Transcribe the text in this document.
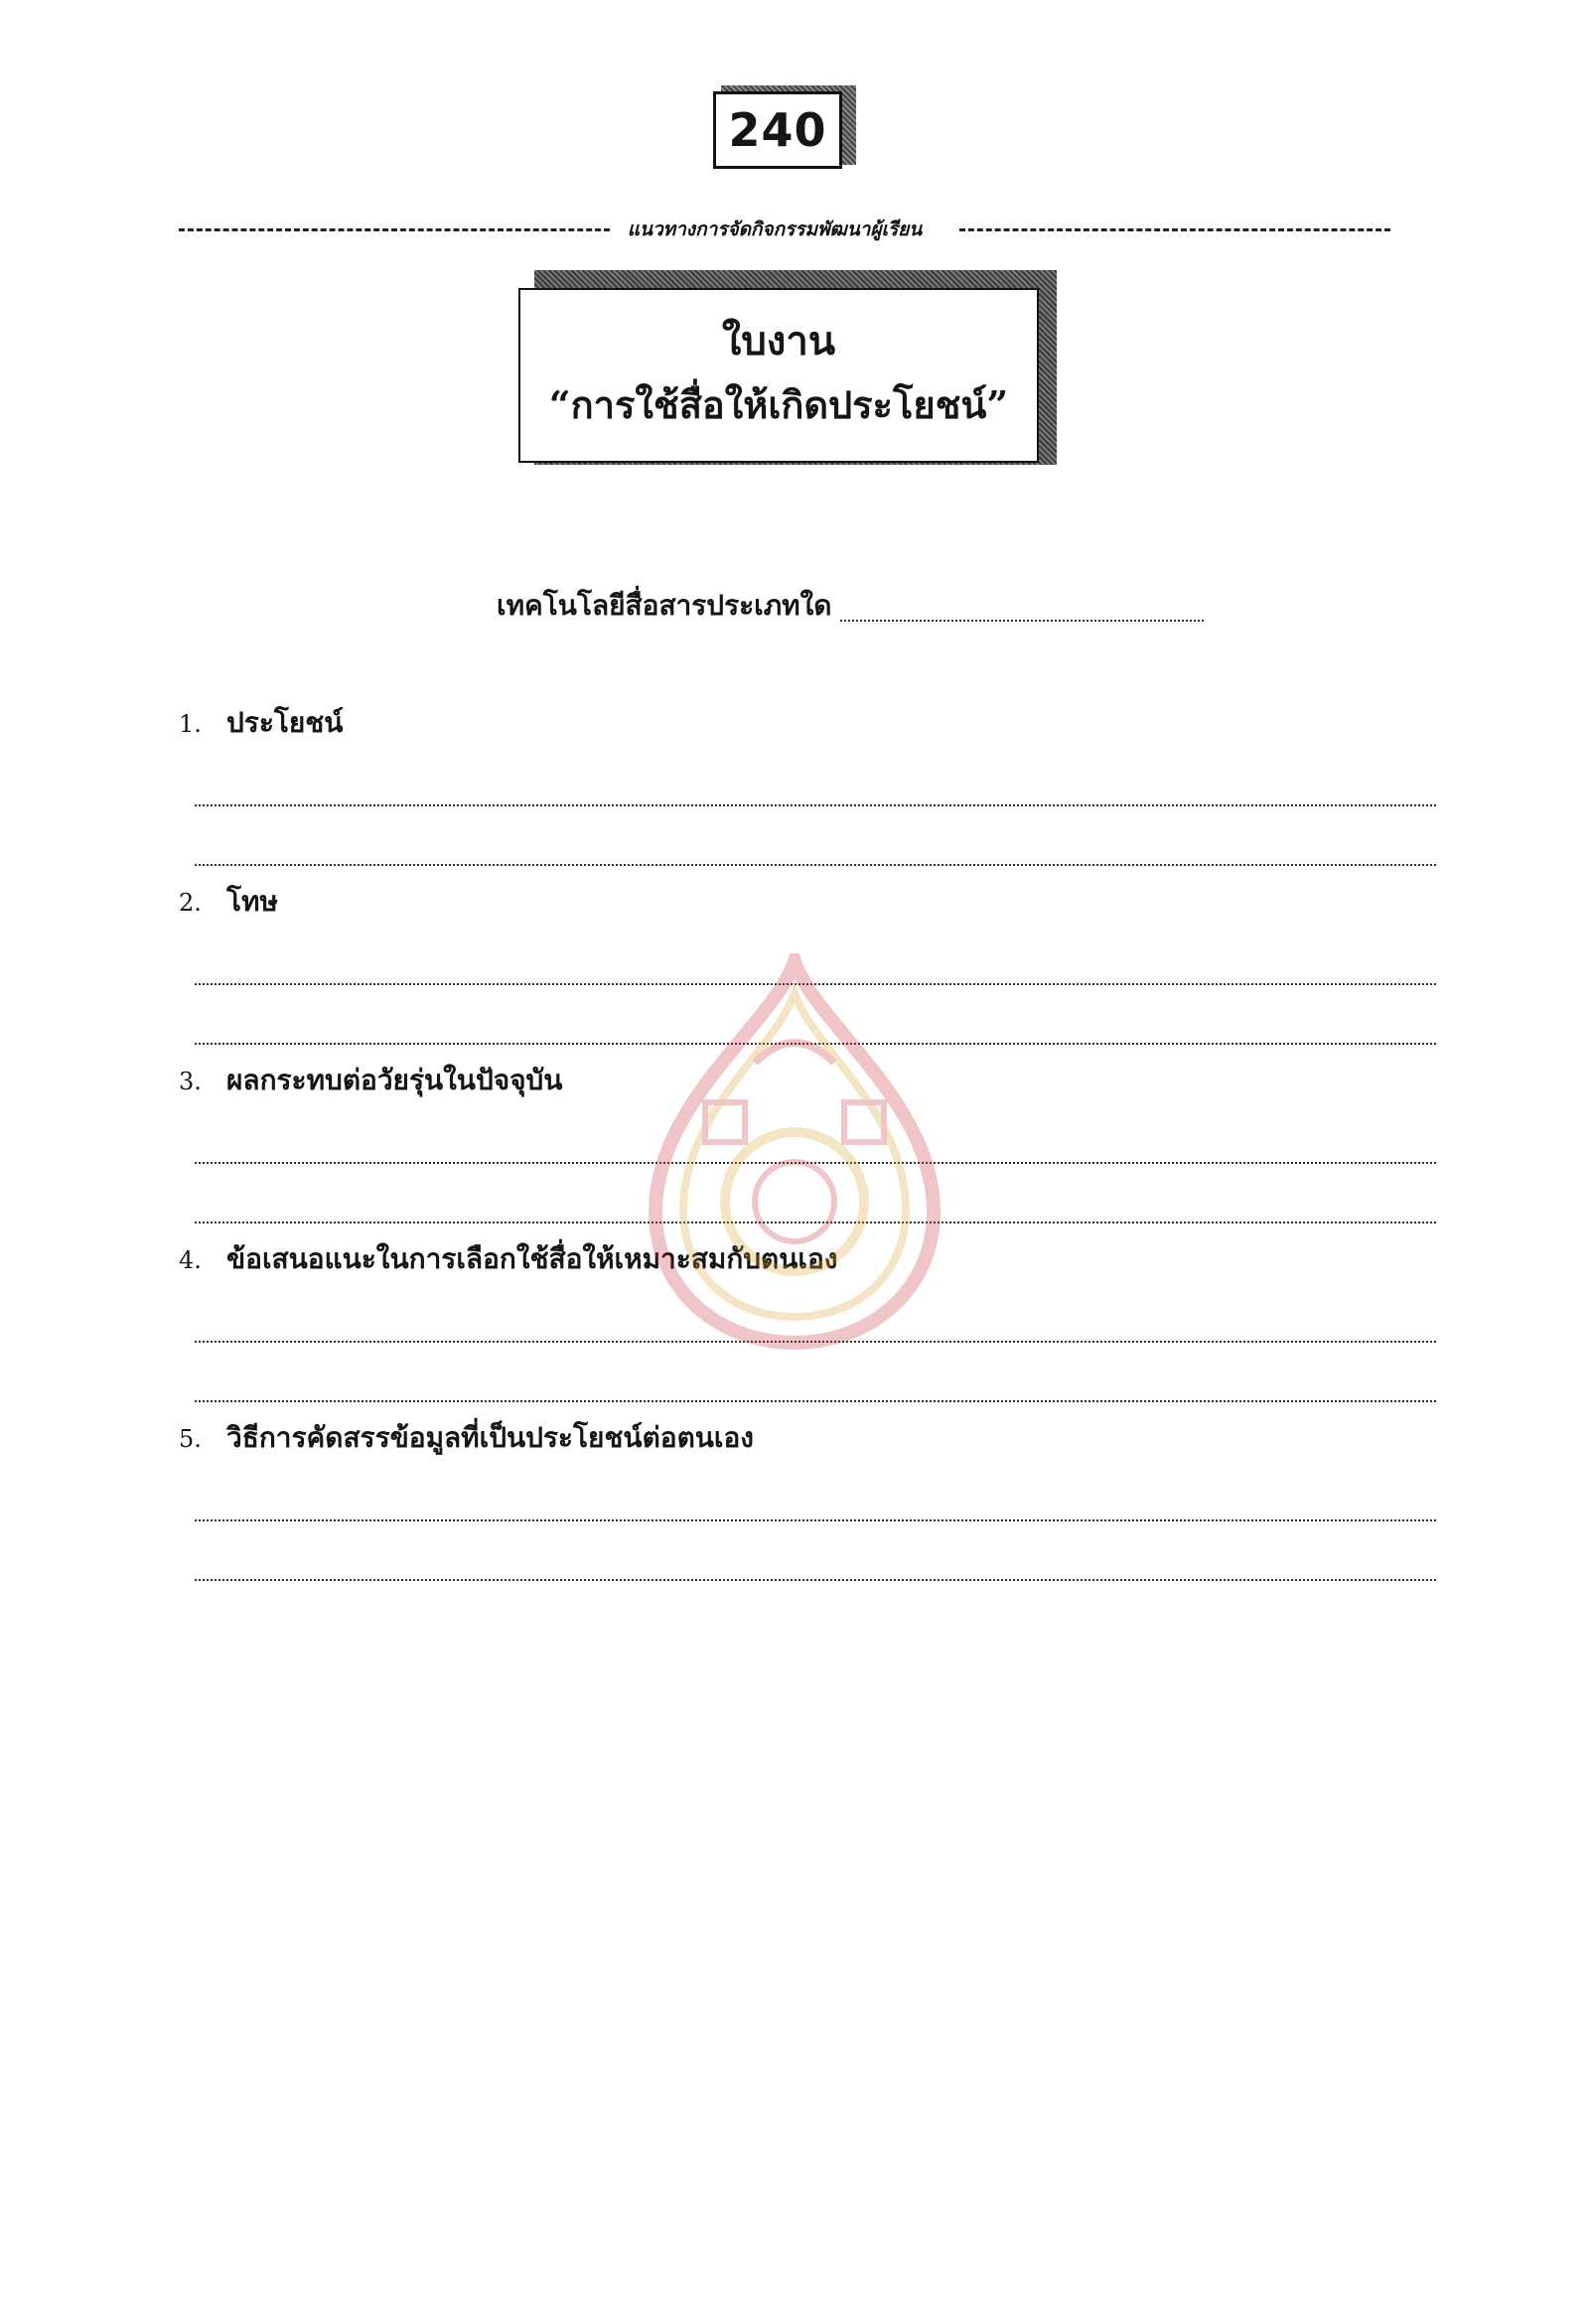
240
แนวทางการจัดกิจกรรมพัฒนาผู้เรียน
ใบงาน
“การใช้สื่อให้เกิดประโยชน์”
เทคโนโลยีสื่อสารประเภทใด
1. ประโยชน์
2. โทษ
3. ผลกระทบต่อวัยรุ่นในปัจจุบัน
4. ข้อเสนอแนะในการเลือกใช้สื่อให้เหมาะสมกับตนเอง
5. วิธีการคัดสรรข้อมูลที่เป็นประโยชน์ต่อตนเอง
